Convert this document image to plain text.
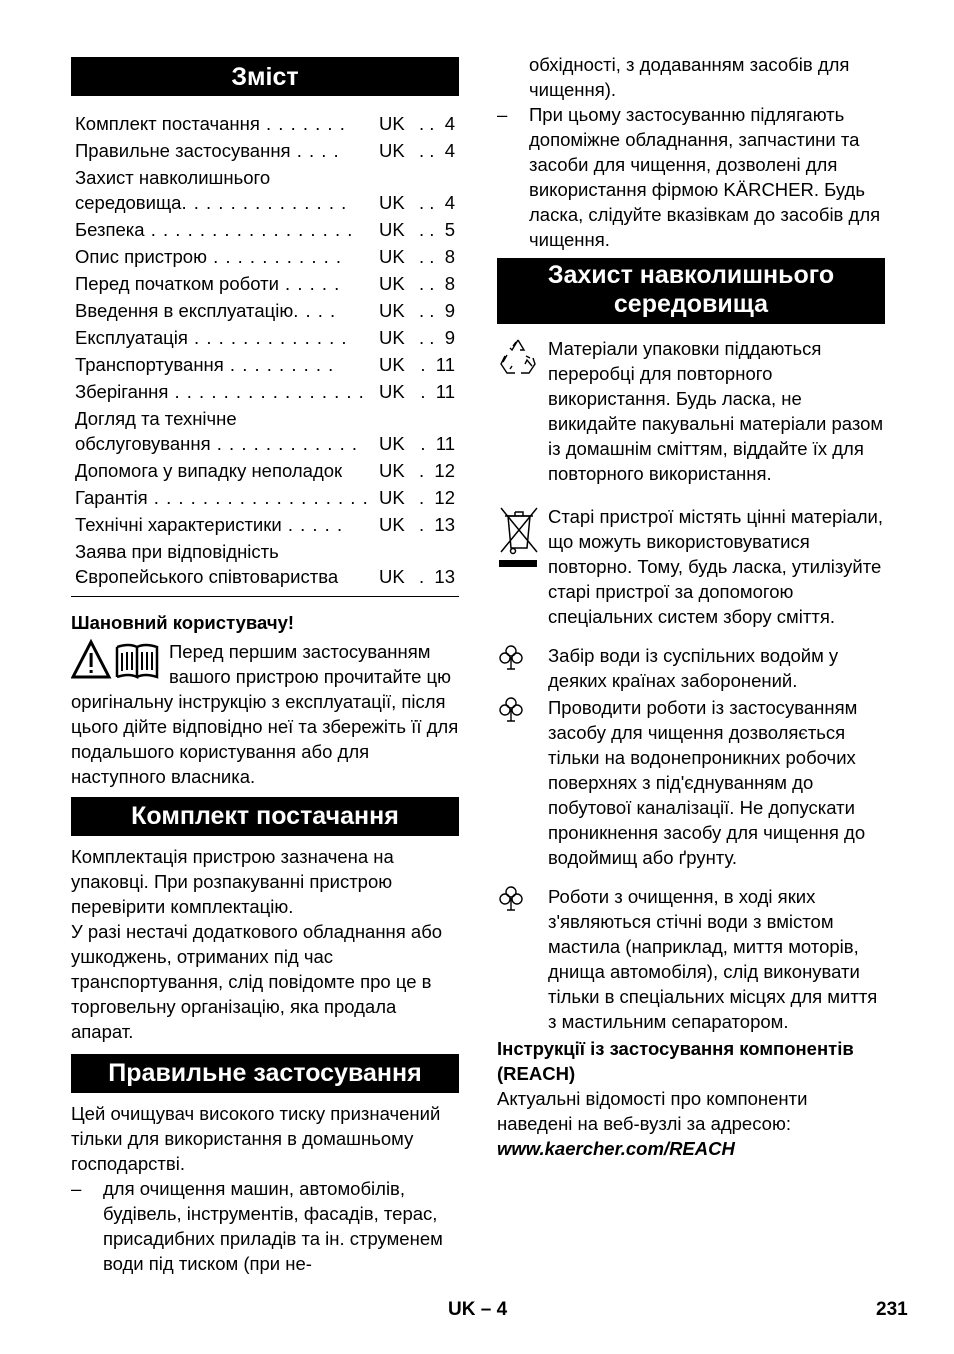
Зміст
Комплект постачання . . . . . . .	UK . .  4
Правильне застосування . . . .	UK . .  4
Захист навколишнього
середовища. . . . . . . . . . . . . .	UK . .  4
Безпека . . . . . . . . . . . . . . . . .	UK . .  5
Опис пристрою . . . . . . . . . . .	UK . .  8
Перед початком роботи . . . . .	UK . .  8
Введення в експлуатацію. . . .	UK . .  9
Експлуатація . . . . . . . . . . . . .	UK . .  9
Транспортування . . . . . . . . .	UK .  11
Зберігання . . . . . . . . . . . . . . . . UK .  11
Догляд та технічне
обслуговування . . . . . . . . . . . .	UK .  11
Допомога у випадку неполадок	UK .  12
Гарантія . . . . . . . . . . . . . . . . . . UK .  12
Технічні характеристики . . . . .	UK .  13
Заява при відповідність
Європейського співтовариства	UK .  13

Шановний користувачу!

Перед першим застосуванням вашого пристрою прочитайте цю оригінальну інструкцію з експлуатації, після цього дійте відповідно неї та збережіть її для подальшого користування або для наступного власника.

Комплект постачання

Комплектація пристрою зазначена на упаковці. При розпакуванні пристрою перевірити комплектацію.

У разі нестачі додаткового обладнання або ушкоджень, отриманих під час транспортування, слід повідомте про це в торговельну організацію, яка продала апарат.

Правильне застосування

Цей очищувач високого тиску призначений тільки для використання в домашньому господарстві.

–	для очищення машин, автомобілів, будівель, інструментів, фасадів, терас, присадибних приладів та ін. струменем води під тиском (при не-

обхідності, з додаванням засобів для чищення).

–	При цьому застосуванню підлягають допоміжне обладнання, запчастини та засоби для чищення, дозволені для використання фірмою KÄRCHER. Будь ласка, слідуйте вказівкам до засобів для чищення.
Захист навколишнього середовища
Матеріали упаковки піддаються переробці для повторного використання. Будь ласка, не викидайте пакувальні матеріали разом із домашнім сміттям, віддайте їх для повторного використання.
Старі пристрої містять цінні матеріали, що можуть використовуватися повторно. Тому, будь ласка, утилізуйте старі пристрої за допомогою спеціальних систем збору сміття.
Забір води із суспільних водойм у деяких країнах заборонений.
Проводити роботи із застосуванням засобу для чищення дозволяється тільки на водонепроникних робочих поверхнях з під'єднуванням до побутової каналізації. Не допускати проникнення засобу для чищення до водоймищ або ґрунту.
Роботи з очищення, в ході яких з'являються стічні води з вмістом мастила (наприклад, миття моторів, днища автомобіля), слід виконувати тільки в спеціальних місцях для миття з мастильним сепаратором.

Інструкції із застосування компонентів (REACH)

Актуальні відомості про компоненти наведені на веб-вузлі за адресою:

www.kaercher.com/REACH

UK – 4	231
